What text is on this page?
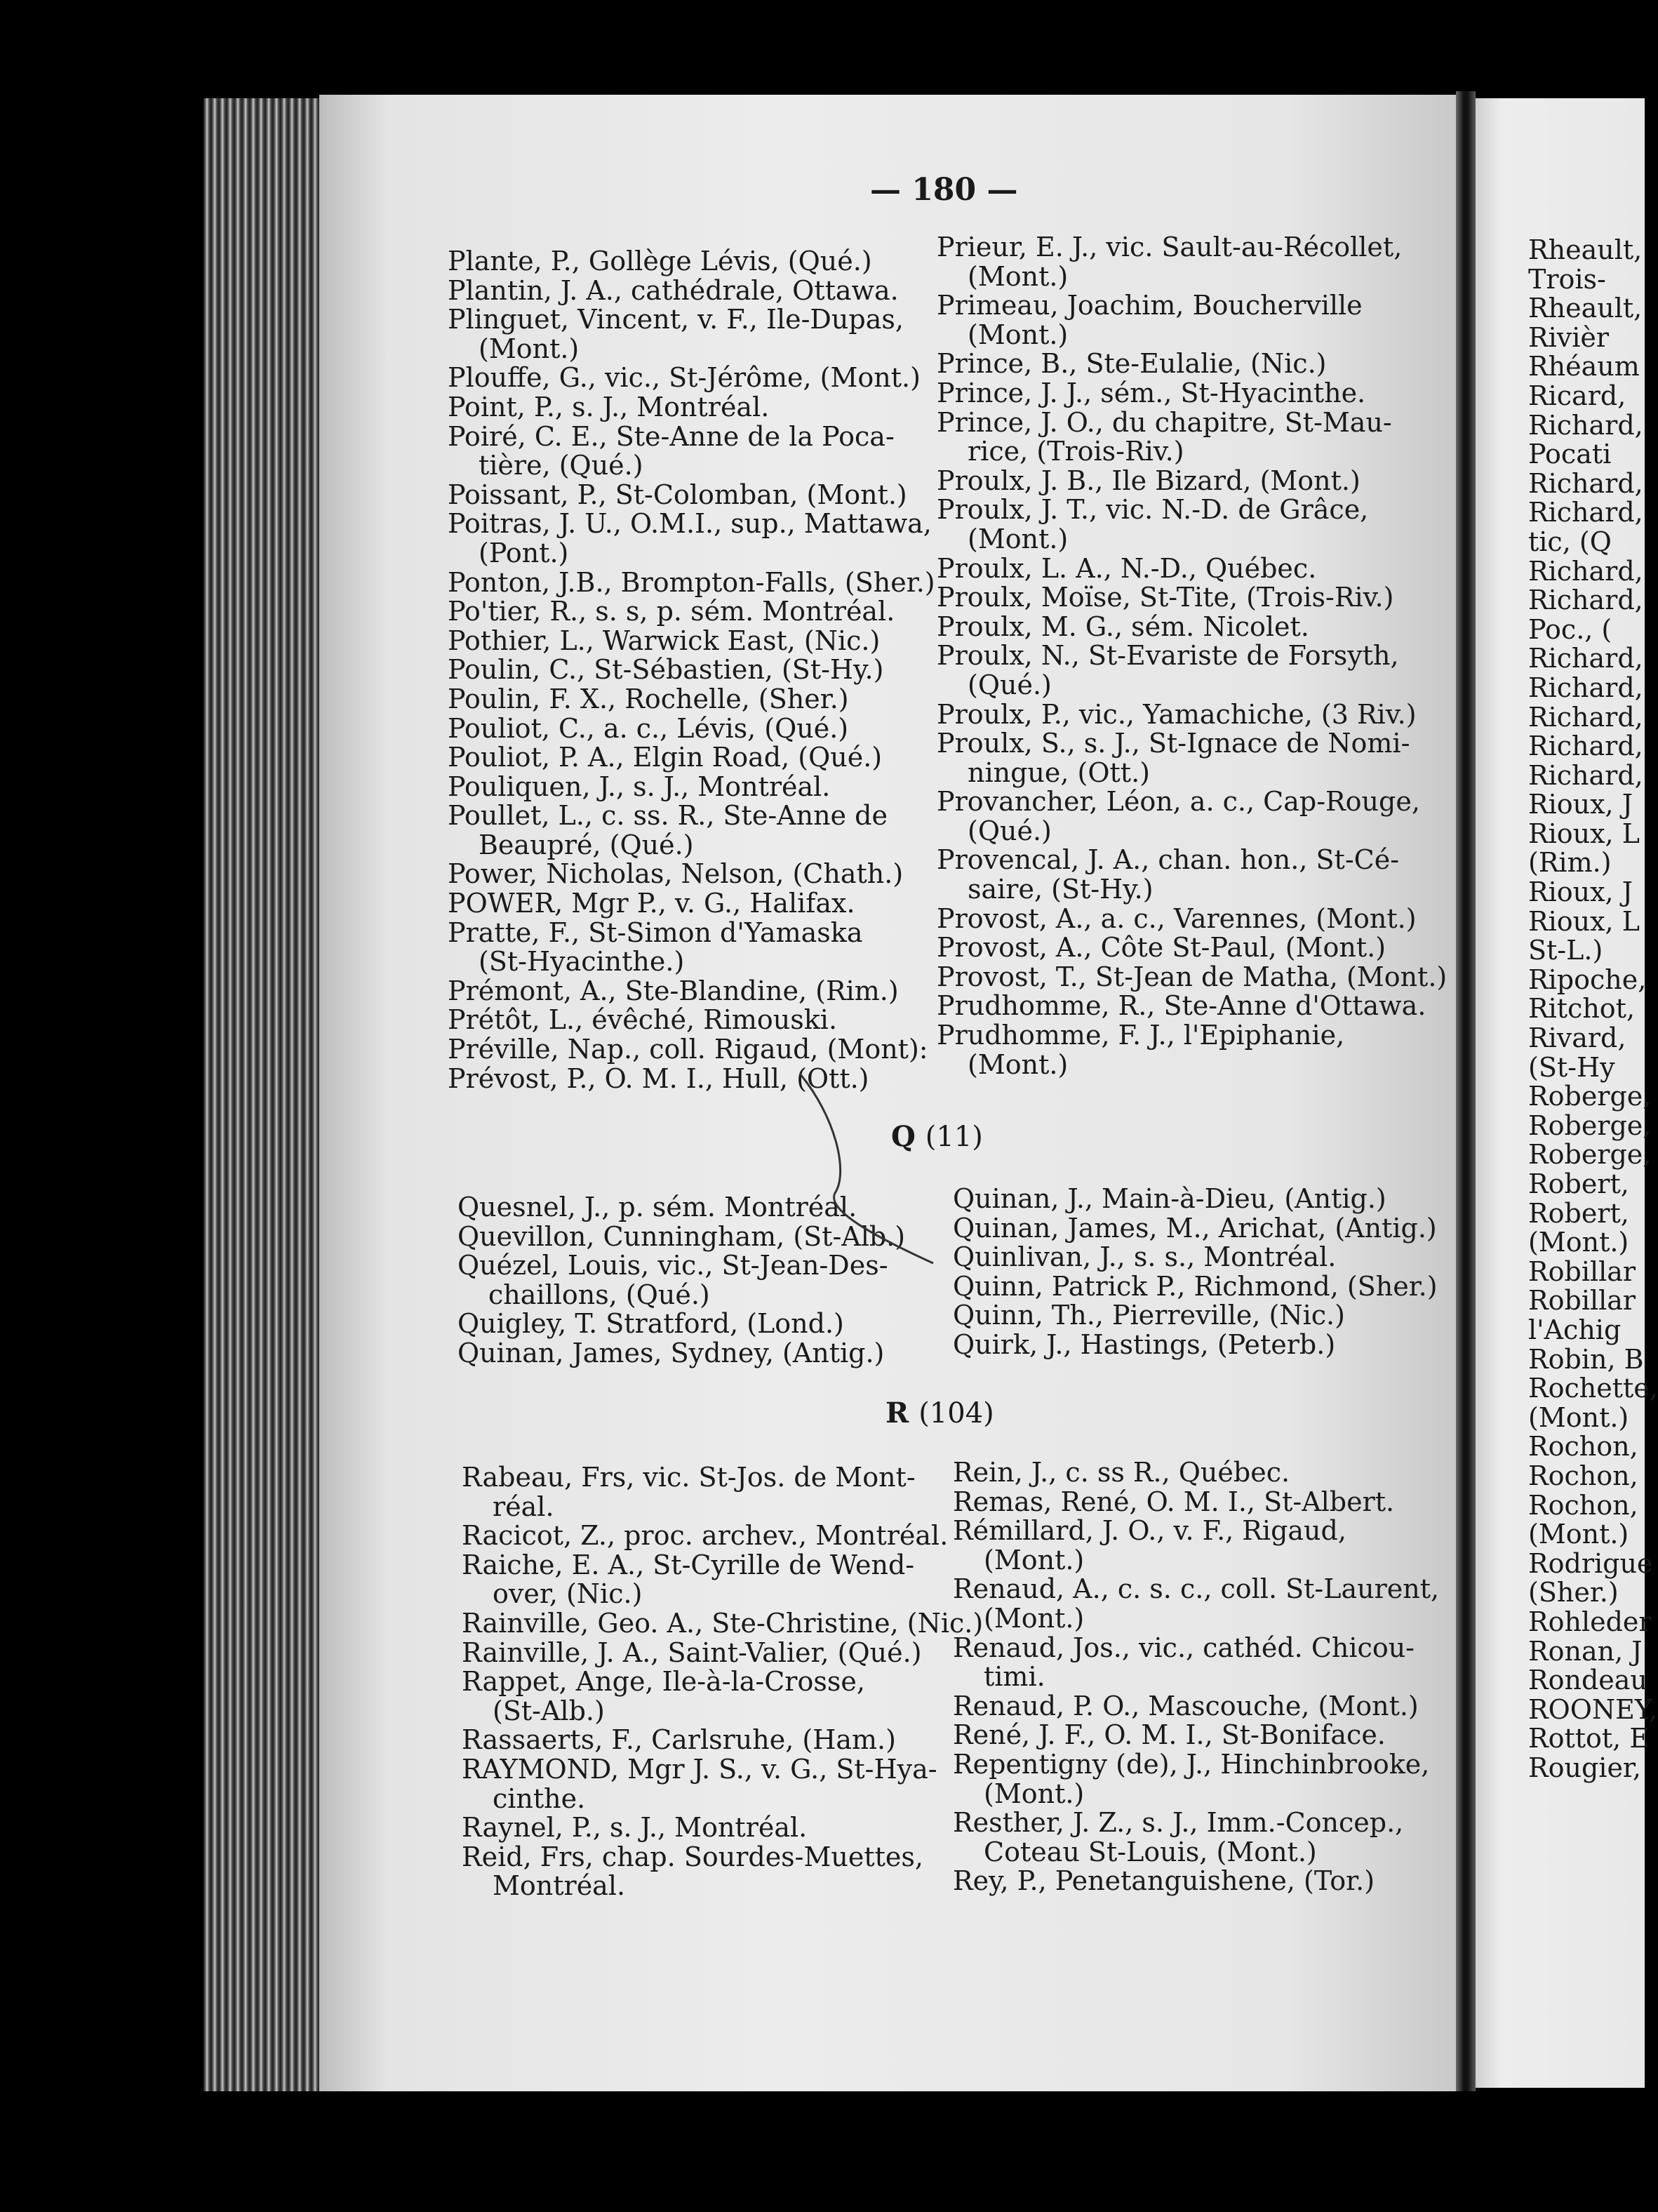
— 180 —
Plante, P., Gollège Lévis, (Qué.)
Plantin, J. A., cathédrale, Ottawa.
Plinguet, Vincent, v. F., Ile-Dupas,
(Mont.)
Plouffe, G., vic., St-Jérôme, (Mont.)
Point, P., s. J., Montréal.
Poiré, C. E., Ste-Anne de la Poca-
tière, (Qué.)
Poissant, P., St-Colomban, (Mont.)
Poitras, J. U., O.M.I., sup., Mattawa,
(Pont.)
Ponton, J.B., Brompton-Falls, (Sher.)
Po'tier, R., s. s, p. sém. Montréal.
Pothier, L., Warwick East, (Nic.)
Poulin, C., St-Sébastien, (St-Hy.)
Poulin, F. X., Rochelle, (Sher.)
Pouliot, C., a. c., Lévis, (Qué.)
Pouliot, P. A., Elgin Road, (Qué.)
Pouliquen, J., s. J., Montréal.
Poullet, L., c. ss. R., Ste-Anne de
Beaupré, (Qué.)
Power, Nicholas, Nelson, (Chath.)
POWER, Mgr P., v. G., Halifax.
Pratte, F., St-Simon d'Yamaska
(St-Hyacinthe.)
Prémont, A., Ste-Blandine, (Rim.)
Prétôt, L., évêché, Rimouski.
Préville, Nap., coll. Rigaud, (Mont):
Prévost, P., O. M. I., Hull, (Ott.)
Prieur, E. J., vic. Sault-au-Récollet,
(Mont.)
Primeau, Joachim, Boucherville
(Mont.)
Prince, B., Ste-Eulalie, (Nic.)
Prince, J. J., sém., St-Hyacinthe.
Prince, J. O., du chapitre, St-Mau-
rice, (Trois-Riv.)
Proulx, J. B., Ile Bizard, (Mont.)
Proulx, J. T., vic. N.-D. de Grâce,
(Mont.)
Proulx, L. A., N.-D., Québec.
Proulx, Moïse, St-Tite, (Trois-Riv.)
Proulx, M. G., sém. Nicolet.
Proulx, N., St-Evariste de Forsyth,
(Qué.)
Proulx, P., vic., Yamachiche, (3 Riv.)
Proulx, S., s. J., St-Ignace de Nomi-
ningue, (Ott.)
Provancher, Léon, a. c., Cap-Rouge,
(Qué.)
Provencal, J. A., chan. hon., St-Cé-
saire, (St-Hy.)
Provost, A., a. c., Varennes, (Mont.)
Provost, A., Côte St-Paul, (Mont.)
Provost, T., St-Jean de Matha, (Mont.)
Prudhomme, R., Ste-Anne d'Ottawa.
Prudhomme, F. J., l'Epiphanie,
(Mont.)
Q (11)
Quesnel, J., p. sém. Montréal.
Quevillon, Cunningham, (St-Alb.)
Quézel, Louis, vic., St-Jean-Des-
chaillons, (Qué.)
Quigley, T. Stratford, (Lond.)
Quinan, James, Sydney, (Antig.)
Quinan, J., Main-à-Dieu, (Antig.)
Quinan, James, M., Arichat, (Antig.)
Quinlivan, J., s. s., Montréal.
Quinn, Patrick P., Richmond, (Sher.)
Quinn, Th., Pierreville, (Nic.)
Quirk, J., Hastings, (Peterb.)
R (104)
Rabeau, Frs, vic. St-Jos. de Mont-
réal.
Racicot, Z., proc. archev., Montréal.
Raiche, E. A., St-Cyrille de Wend-
over, (Nic.)
Rainville, Geo. A., Ste-Christine, (Nic.)
Rainville, J. A., Saint-Valier, (Qué.)
Rappet, Ange, Ile-à-la-Crosse,
(St-Alb.)
Rassaerts, F., Carlsruhe, (Ham.)
RAYMOND, Mgr J. S., v. G., St-Hya-
cinthe.
Raynel, P., s. J., Montréal.
Reid, Frs, chap. Sourdes-Muettes,
Montréal.
Rein, J., c. ss R., Québec.
Remas, René, O. M. I., St-Albert.
Rémillard, J. O., v. F., Rigaud,
(Mont.)
Renaud, A., c. s. c., coll. St-Laurent,
(Mont.)
Renaud, Jos., vic., cathéd. Chicou-
timi.
Renaud, P. O., Mascouche, (Mont.)
René, J. F., O. M. I., St-Boniface.
Repentigny (de), J., Hinchinbrooke,
(Mont.)
Resther, J. Z., s. J., Imm.-Concep.,
Coteau St-Louis, (Mont.)
Rey, P., Penetanguishene, (Tor.)
Rheault,
Trois-
Rheault,
Rivièr
Rhéaum
Ricard,
Richard,
Pocati
Richard,
Richard,
tic, (Q
Richard,
Richard,
Poc., (
Richard,
Richard,
Richard,
Richard,
Richard,
Rioux, J
Rioux, L
(Rim.)
Rioux, J
Rioux, L
St-L.)
Ripoche,
Ritchot,
Rivard,
(St-Hy
Roberge,
Roberge,
Roberge,
Robert,
Robert,
(Mont.)
Robillar
Robillar
l'Achig
Robin, B
Rochette,
(Mont.)
Rochon,
Rochon,
Rochon,
(Mont.)
Rodrigue
(Sher.)
Rohleder
Ronan, J
Rondeau
ROONEY,
Rottot, E
Rougier,
